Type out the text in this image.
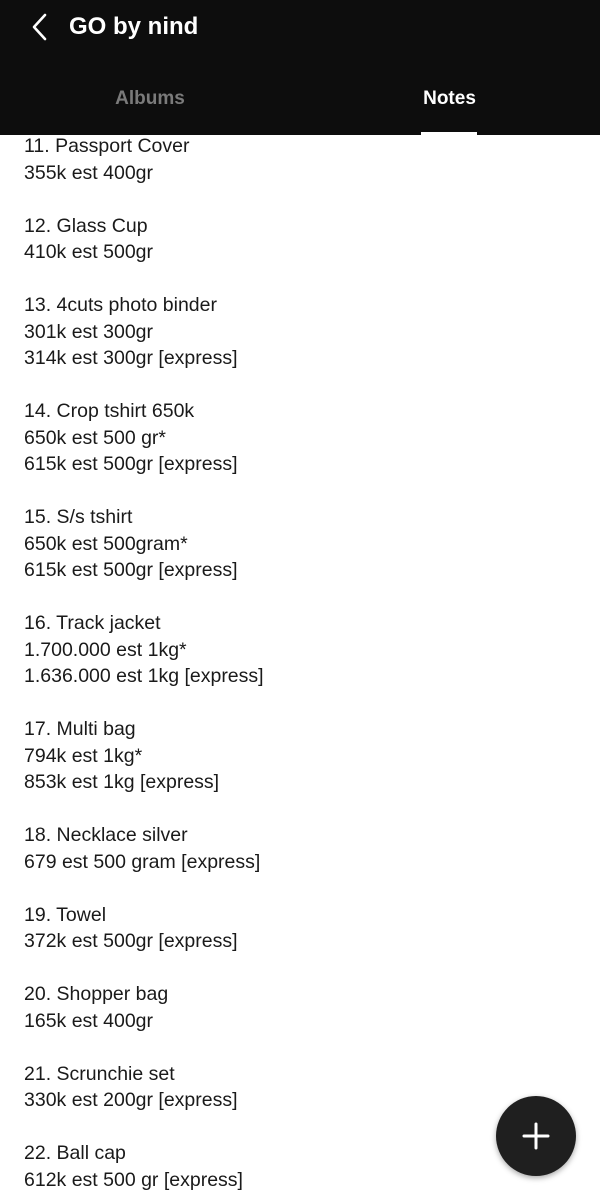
GO by nind
Albums	Notes
11. Passport Cover
355k est 400gr
12. Glass Cup
410k est 500gr
13. 4cuts photo binder
301k est 300gr
314k est 300gr [express]
14. Crop tshirt 650k
650k est 500 gr*
615k est 500gr [express]
15. S/s tshirt
650k est 500gram*
615k est 500gr [express]
16. Track jacket
1.700.000 est 1kg*
1.636.000 est 1kg [express]
17. Multi bag
794k est 1kg*
853k est 1kg [express]
18. Necklace silver
679 est 500 gram [express]
19. Towel
372k est 500gr [express]
20. Shopper bag
165k est 400gr
21. Scrunchie set
330k est 200gr [express]
22. Ball cap
612k est 500 gr [express]
